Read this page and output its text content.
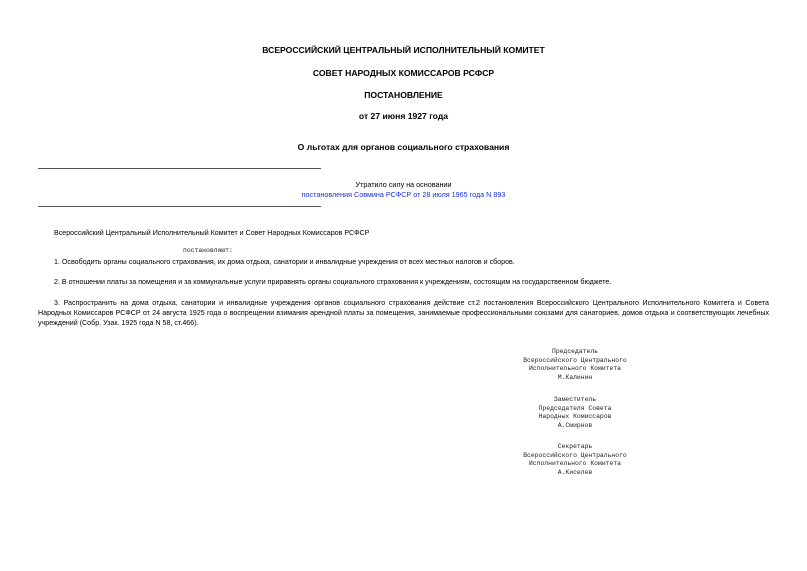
ВСЕРОССИЙСКИЙ ЦЕНТРАЛЬНЫЙ ИСПОЛНИТЕЛЬНЫЙ КОМИТЕТ
СОВЕТ НАРОДНЫХ КОМИССАРОВ РСФСР
ПОСТАНОВЛЕНИЕ
от 27 июня 1927 года
О льготах для органов социального страхования
Утратило силу на основании
постановления Совмина РСФСР от 28 июля 1965 года N 893
Всероссийский Центральный Исполнительный Комитет и Совет Народных Комиссаров РСФСР
постановляют:
1. Освободить органы социального страхования, их дома отдыха, санатории и инвалидные учреждения от всех местных налогов и сборов.
2. В отношении платы за помещения и за коммунальные услуги приравнять органы социального страхования к учреждениям, состоящим на государственном бюджете.
3. Распространить на дома отдыха, санатории и инвалидные учреждения органов социального страхования действие ст.2 постановления Всероссийского Центрального Исполнительного Комитета и Совета Народных Комиссаров РСФСР от 24 августа 1925 года о воспрещении взимания арендной платы за помещения, занимаемые профессиональными союзами для санаториев, домов отдыха и соответствующих лечебных учреждений (Собр. Узак. 1925 года N 58, ст.466).
Председатель
Всероссийского Центрального
Исполнительного Комитета
М.Калинин
Заместитель
Председателя Совета
Народных Комиссаров
А.Смирнов
Секретарь
Всероссийского Центрального
Исполнительного Комитета
А.Киселев
